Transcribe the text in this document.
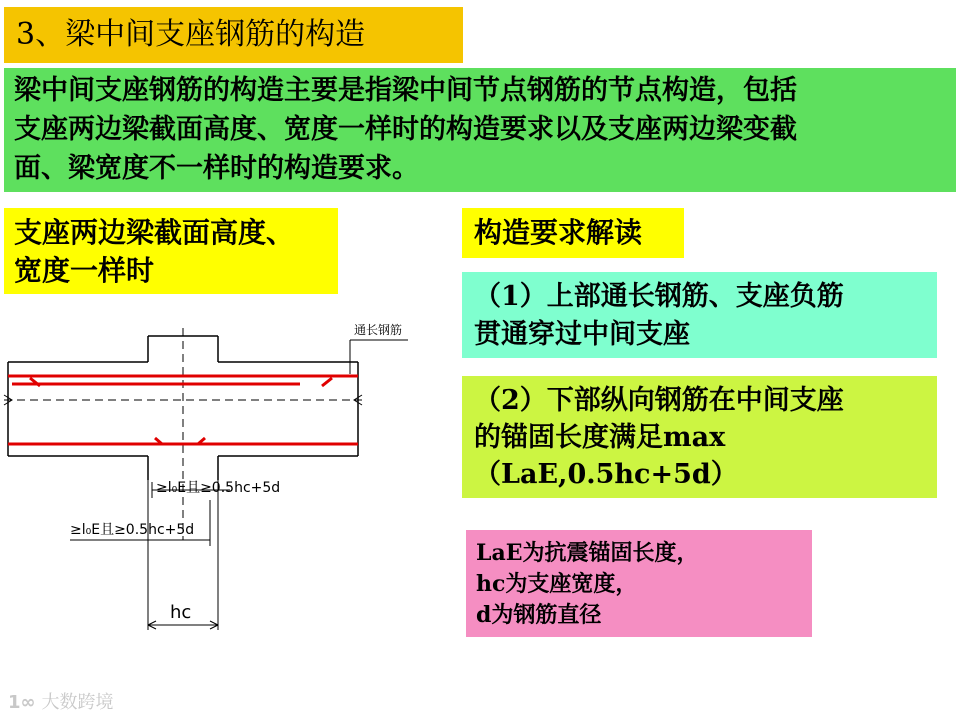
3、梁中间支座钢筋的构造
梁中间支座钢筋的构造主要是指梁中间节点钢筋的节点构造，包括
支座两边梁截面高度、宽度一样时的构造要求以及支座两边梁变截
面、梁宽度不一样时的构造要求。
支座两边梁截面高度、
宽度一样时
构造要求解读
（1）上部通长钢筋、支座负筋
贯通穿过中间支座
（2）下部纵向钢筋在中间支座
的锚固长度满足max
（LaE,0.5hc+5d）
LaE为抗震锚固长度，
hc为支座宽度，
d为钢筋直径
通长钢筋
≥l₀E且≥0.5hc+5d
≥l₀E且≥0.5hc+5d
hc
1∞ 大数跨境
